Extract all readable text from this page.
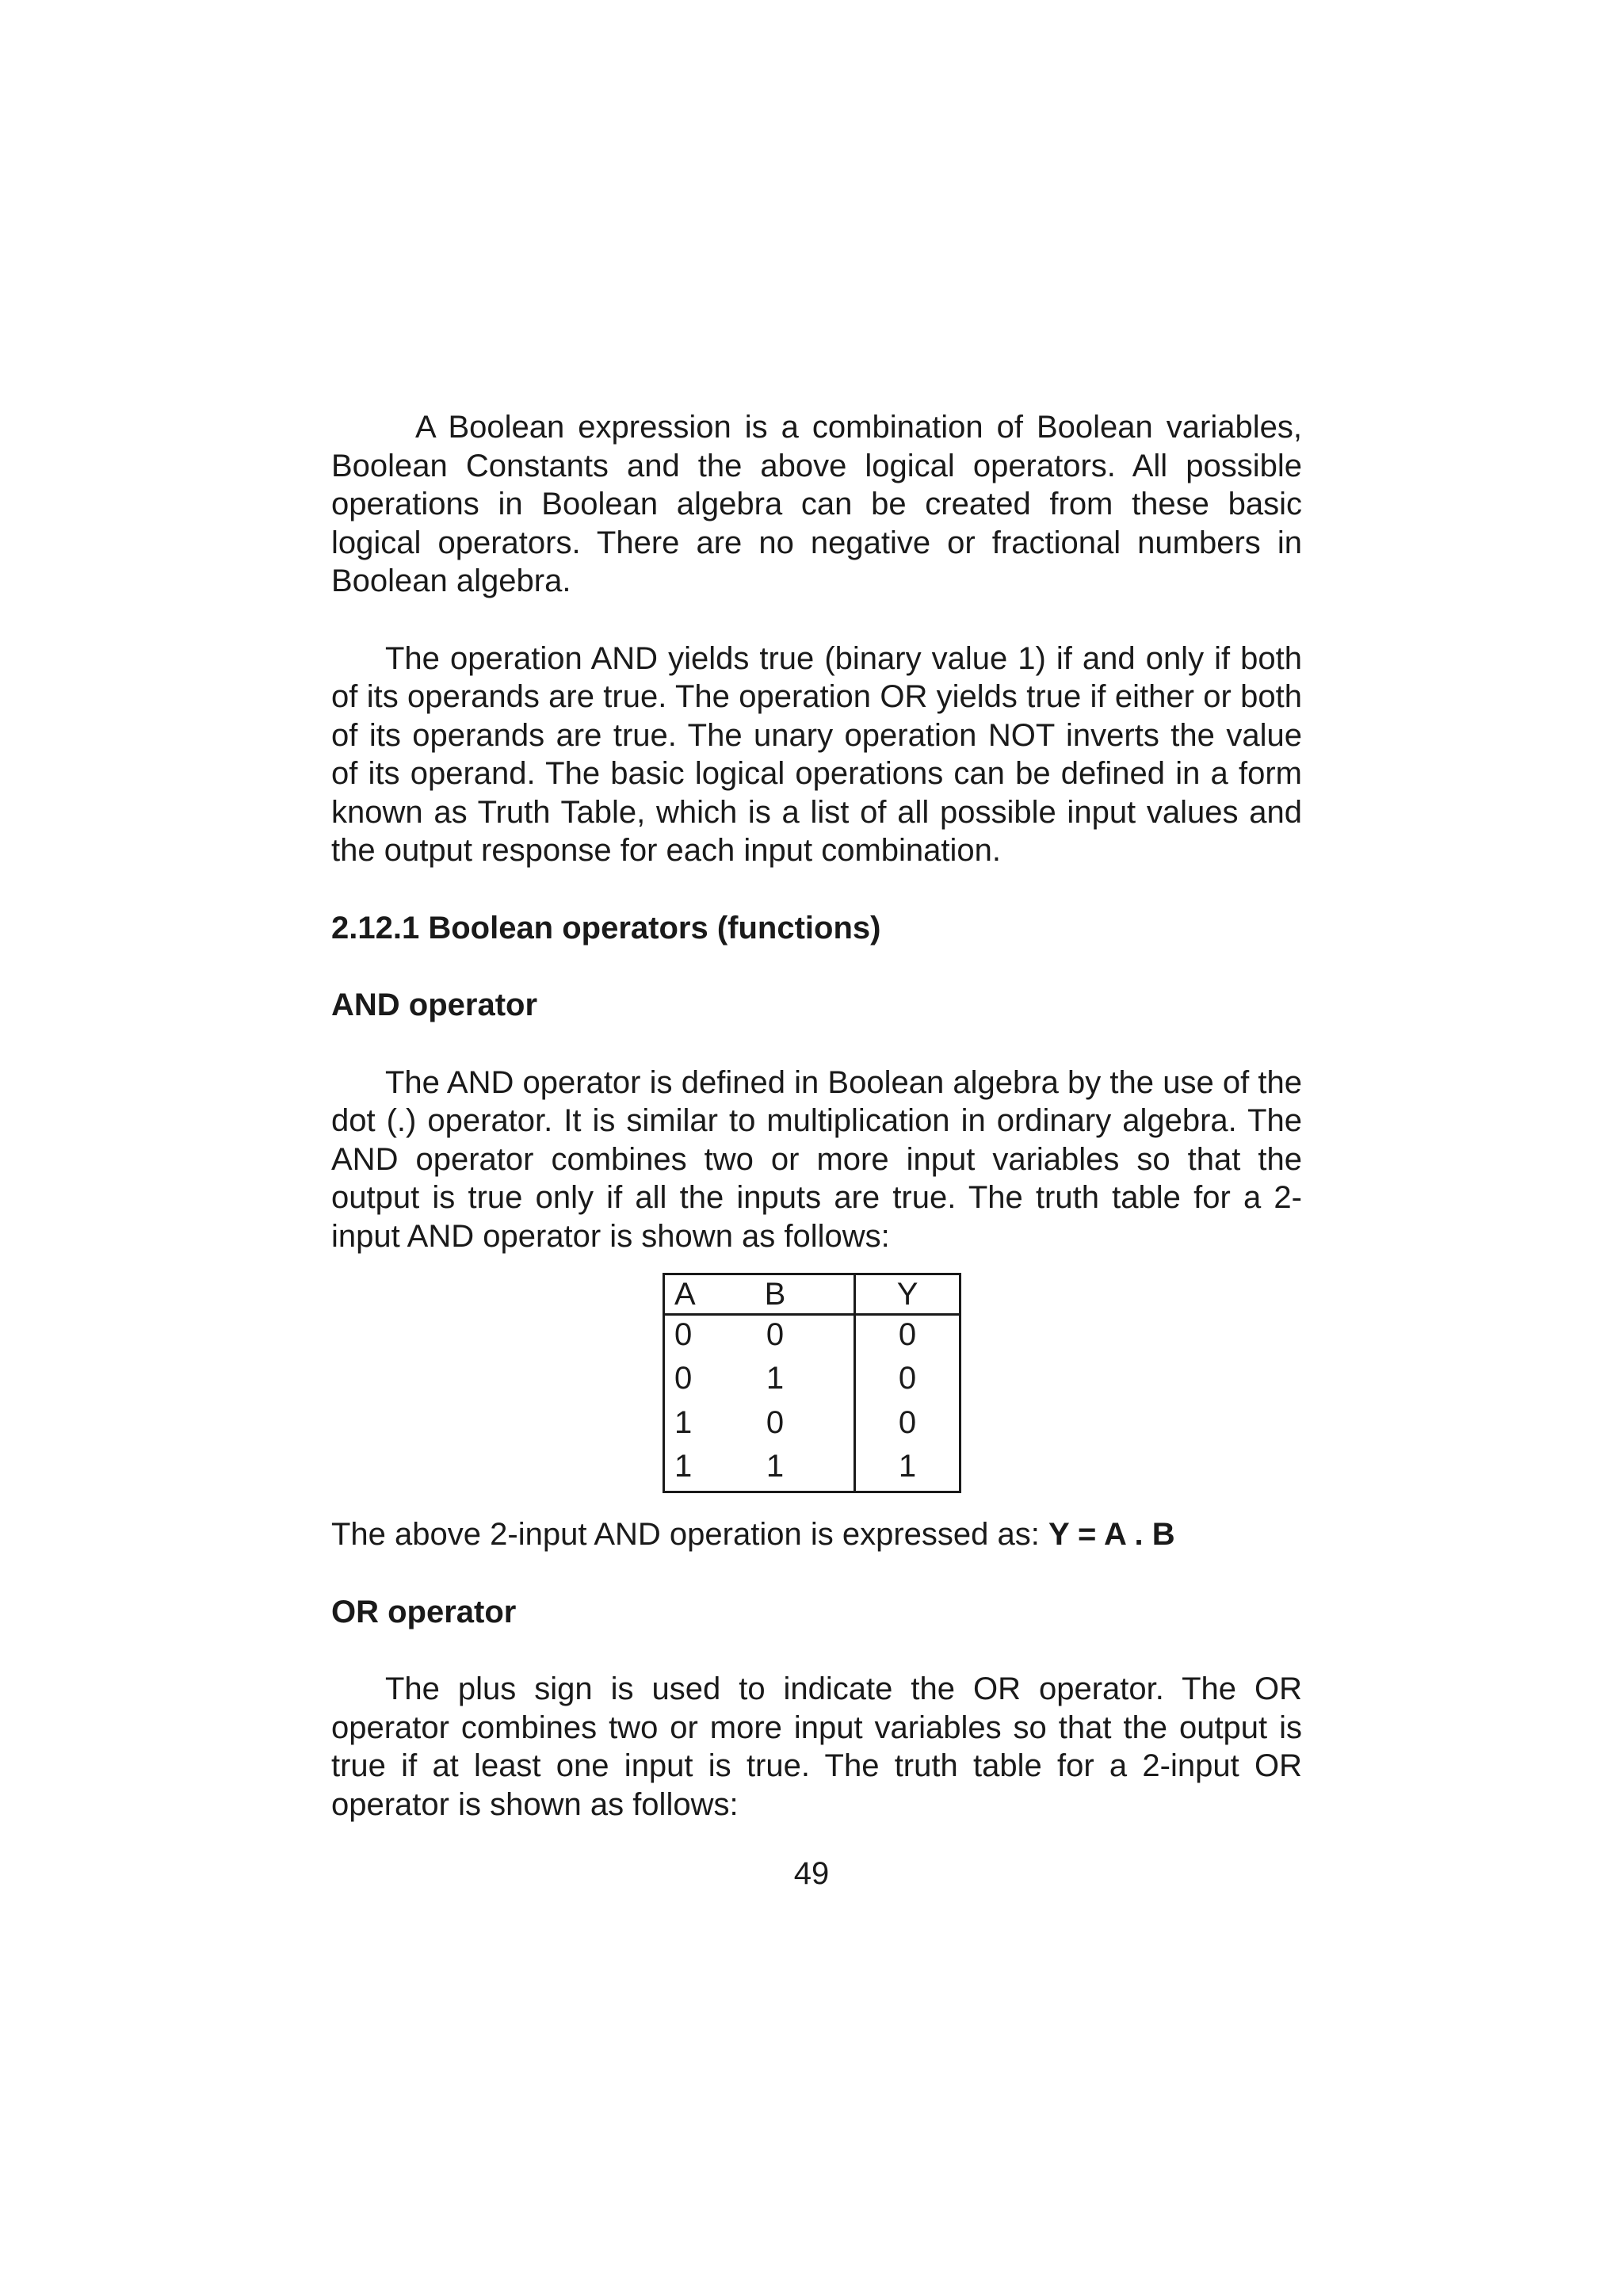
A Boolean expression is a combination of Boolean variables, Boolean Constants and the above logical operators. All possible operations in Boolean algebra can be created from these basic logical operators. There are no negative or fractional numbers in Boolean algebra.

The operation AND yields true (binary value 1) if and only if both of its operands are true. The operation OR yields true if either or both of its operands are true. The unary operation NOT inverts the value of its operand. The basic logical operations can be defined in a form known as Truth Table, which is a list of all possible input values and the output response for each input combination.

2.12.1 Boolean operators (functions)
AND operator

The AND operator is defined in Boolean algebra by the use of the dot (.) operator. It is similar to multiplication in ordinary algebra. The AND operator combines two or more input variables so that the output is true only if all the inputs are true. The truth table for a 2-input AND operator is shown as follows:

A	B	Y
0	0	0
0	1	0
1	0	0
1	1	1

The above 2-input AND operation is expressed as: Y = A . B

OR operator

The plus sign is used to indicate the OR operator. The OR operator combines two or more input variables so that the output is true if at least one input is true. The truth table for a 2-input OR operator is shown as follows:

49
